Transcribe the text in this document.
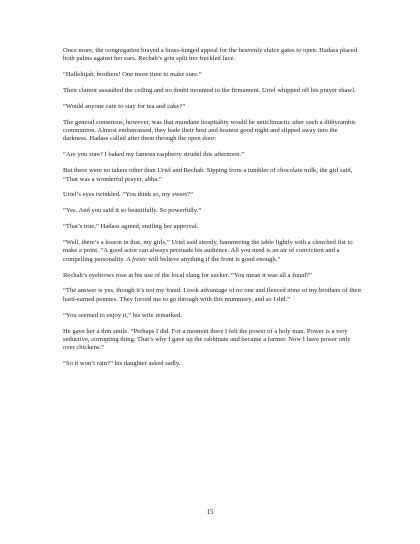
Once more, the congregation brayed a brass-lunged appeal for the heavenly sluice gates to open. Hadass placed both palms against her ears. Rechab’s grin split her freckled face.

“Hallelujah, brothers! One more time to make sure.”

Their clamor assaulted the ceiling and no doubt mounted to the firmament. Uriel whipped off his prayer shawl.

“Would anyone care to stay for tea and cake?”

The general consensus, however, was that mundane hospitality would be anticlimactic after such a dithyrambic communion. Almost embarrassed, they bade their host and hostess good night and slipped away into the darkness. Hadass called after them through the open door:

“Are you sure? I baked my famous raspberry strudel this afternoon.”

But there were no takers other than Uriel and Rechab. Sipping from a tumbler of chocolate milk, the girl said, “That was a wonderful prayer, abba.”

Uriel’s eyes twinkled. “You think so, my sweet?”

“Yes. And you said it so beautifully. So powerfully.”

“That’s true,” Hadass agreed, smiling her approval.

“Well, there’s a lesson in that, my girls,” Uriel said sternly, hammering the table lightly with a clenched fist to make a point. “A good actor can always persuade his audience. All you need is an air of conviction and a compelling personality. A freier will believe anything if the front is good enough.”

Rechab’s eyebrows rose at his use of the local slang for sucker. “You mean it was all a fraud?”

“The answer is yes, though it’s not my fraud. I took advantage of no one and fleeced none of my brothers of their hard-earned pennies. They forced me to go through with this mummery, and so I did.”

“You seemed to enjoy it,” his wife remarked.

He gave her a thin smile. “Perhaps I did. For a moment there I felt the power of a holy man. Power is a very seductive, corrupting thing. That’s why I gave up the rabbinate and became a farmer. Now I have power only over chickens.”

“So it won’t rain?” his daughter asked sadly.

15
